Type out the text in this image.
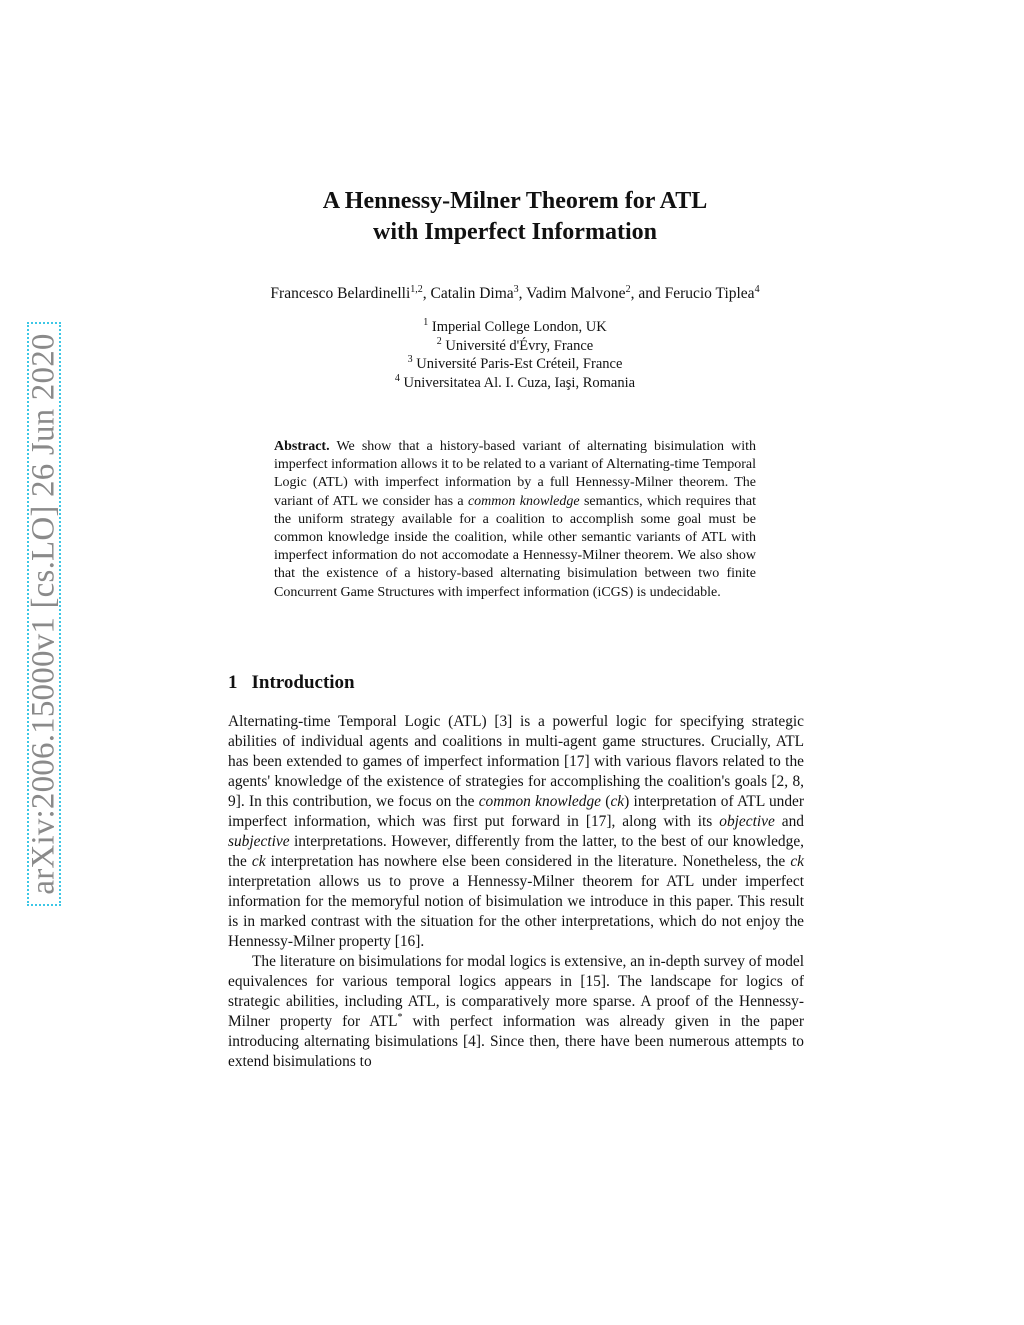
arXiv:2006.15000v1 [cs.LO] 26 Jun 2020
A Hennessy-Milner Theorem for ATL
with Imperfect Information

Francesco Belardinelli$^{1,2}$, Catalin Dima$^3$, Vadim Malvone$^2$, and Ferucio Tiplea$^4$

$^1$ Imperial College London, UK
$^2$ Université d'Évry, France
$^3$ Université Paris-Est Créteil, France
$^4$ Universitatea Al. I. Cuza, Iaşi, Romania

Abstract. We show that a history-based variant of alternating bisimulation with imperfect information allows it to be related to a variant of Alternating-time Temporal Logic (ATL) with imperfect information by a full Hennessy-Milner theorem. The variant of ATL we consider has a common knowledge semantics, which requires that the uniform strategy available for a coalition to accomplish some goal must be common knowledge inside the coalition, while other semantic variants of ATL with imperfect information do not accomodate a Hennessy-Milner theorem. We also show that the existence of a history-based alternating bisimulation between two finite Concurrent Game Structures with imperfect information (iCGS) is undecidable.

1 Introduction

Alternating-time Temporal Logic (ATL) [3] is a powerful logic for specifying strategic abilities of individual agents and coalitions in multi-agent game structures. Crucially, ATL has been extended to games of imperfect information [17] with various flavors related to the agents' knowledge of the existence of strategies for accomplishing the coalition's goals [2, 8, 9]. In this contribution, we focus on the common knowledge (ck) interpretation of ATL under imperfect information, which was first put forward in [17], along with its objective and subjective interpretations. However, differently from the latter, to the best of our knowledge, the ck interpretation has nowhere else been considered in the literature. Nonetheless, the ck interpretation allows us to prove a Hennessy-Milner theorem for ATL under imperfect information for the memoryful notion of bisimulation we introduce in this paper. This result is in marked contrast with the situation for the other interpretations, which do not enjoy the Hennessy-Milner property [16].

The literature on bisimulations for modal logics is extensive, an in-depth survey of model equivalences for various temporal logics appears in [15]. The landscape for logics of strategic abilities, including ATL, is comparatively more sparse. A proof of the Hennessy-Milner property for ATL* with perfect information was already given in the paper introducing alternating bisimulations [4]. Since then, there have been numerous attempts to extend bisimulations to
